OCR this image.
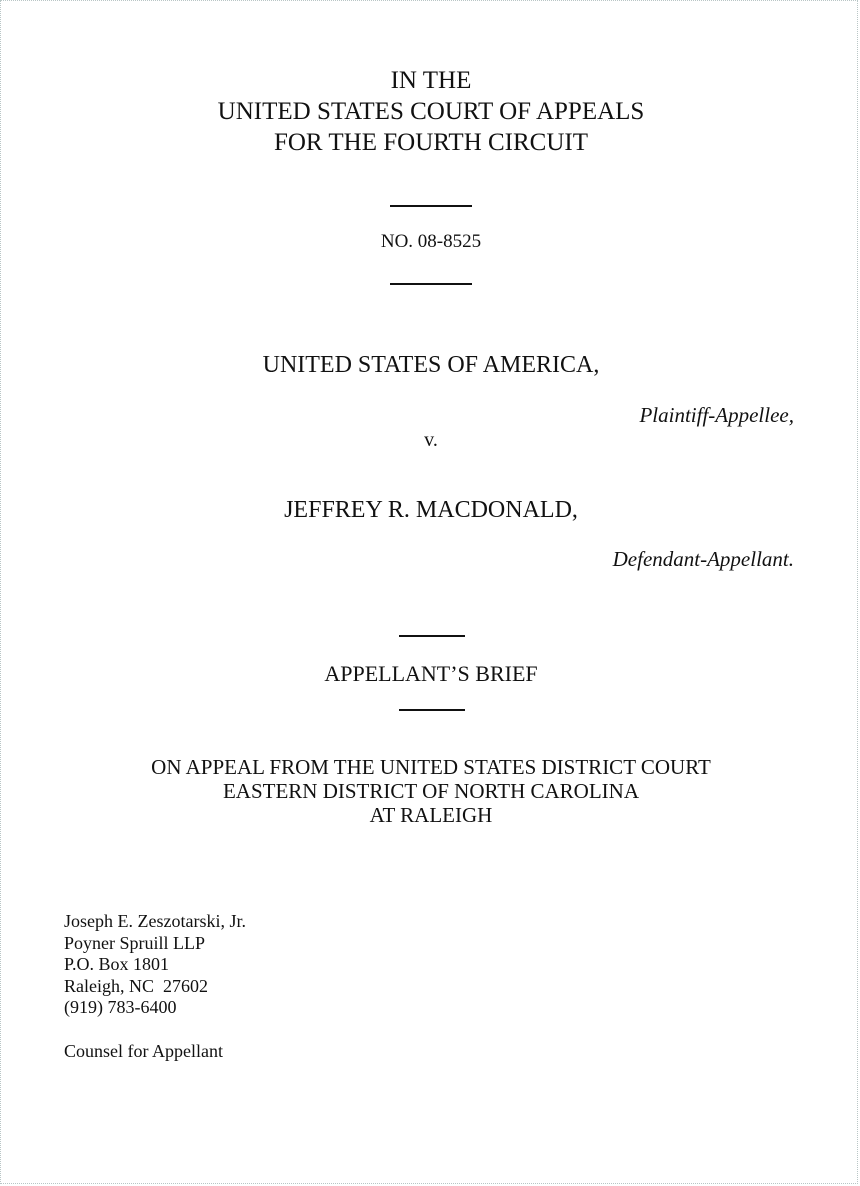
IN THE
UNITED STATES COURT OF APPEALS
FOR THE FOURTH CIRCUIT
NO. 08-8525
UNITED STATES OF AMERICA,
Plaintiff-Appellee,
v.
JEFFREY R. MACDONALD,
Defendant-Appellant.
APPELLANT’S BRIEF
ON APPEAL FROM THE UNITED STATES DISTRICT COURT
EASTERN DISTRICT OF NORTH CAROLINA
AT RALEIGH
Joseph E. Zeszotarski, Jr.
Poyner Spruill LLP
P.O. Box 1801
Raleigh, NC  27602
(919) 783-6400
Counsel for Appellant
